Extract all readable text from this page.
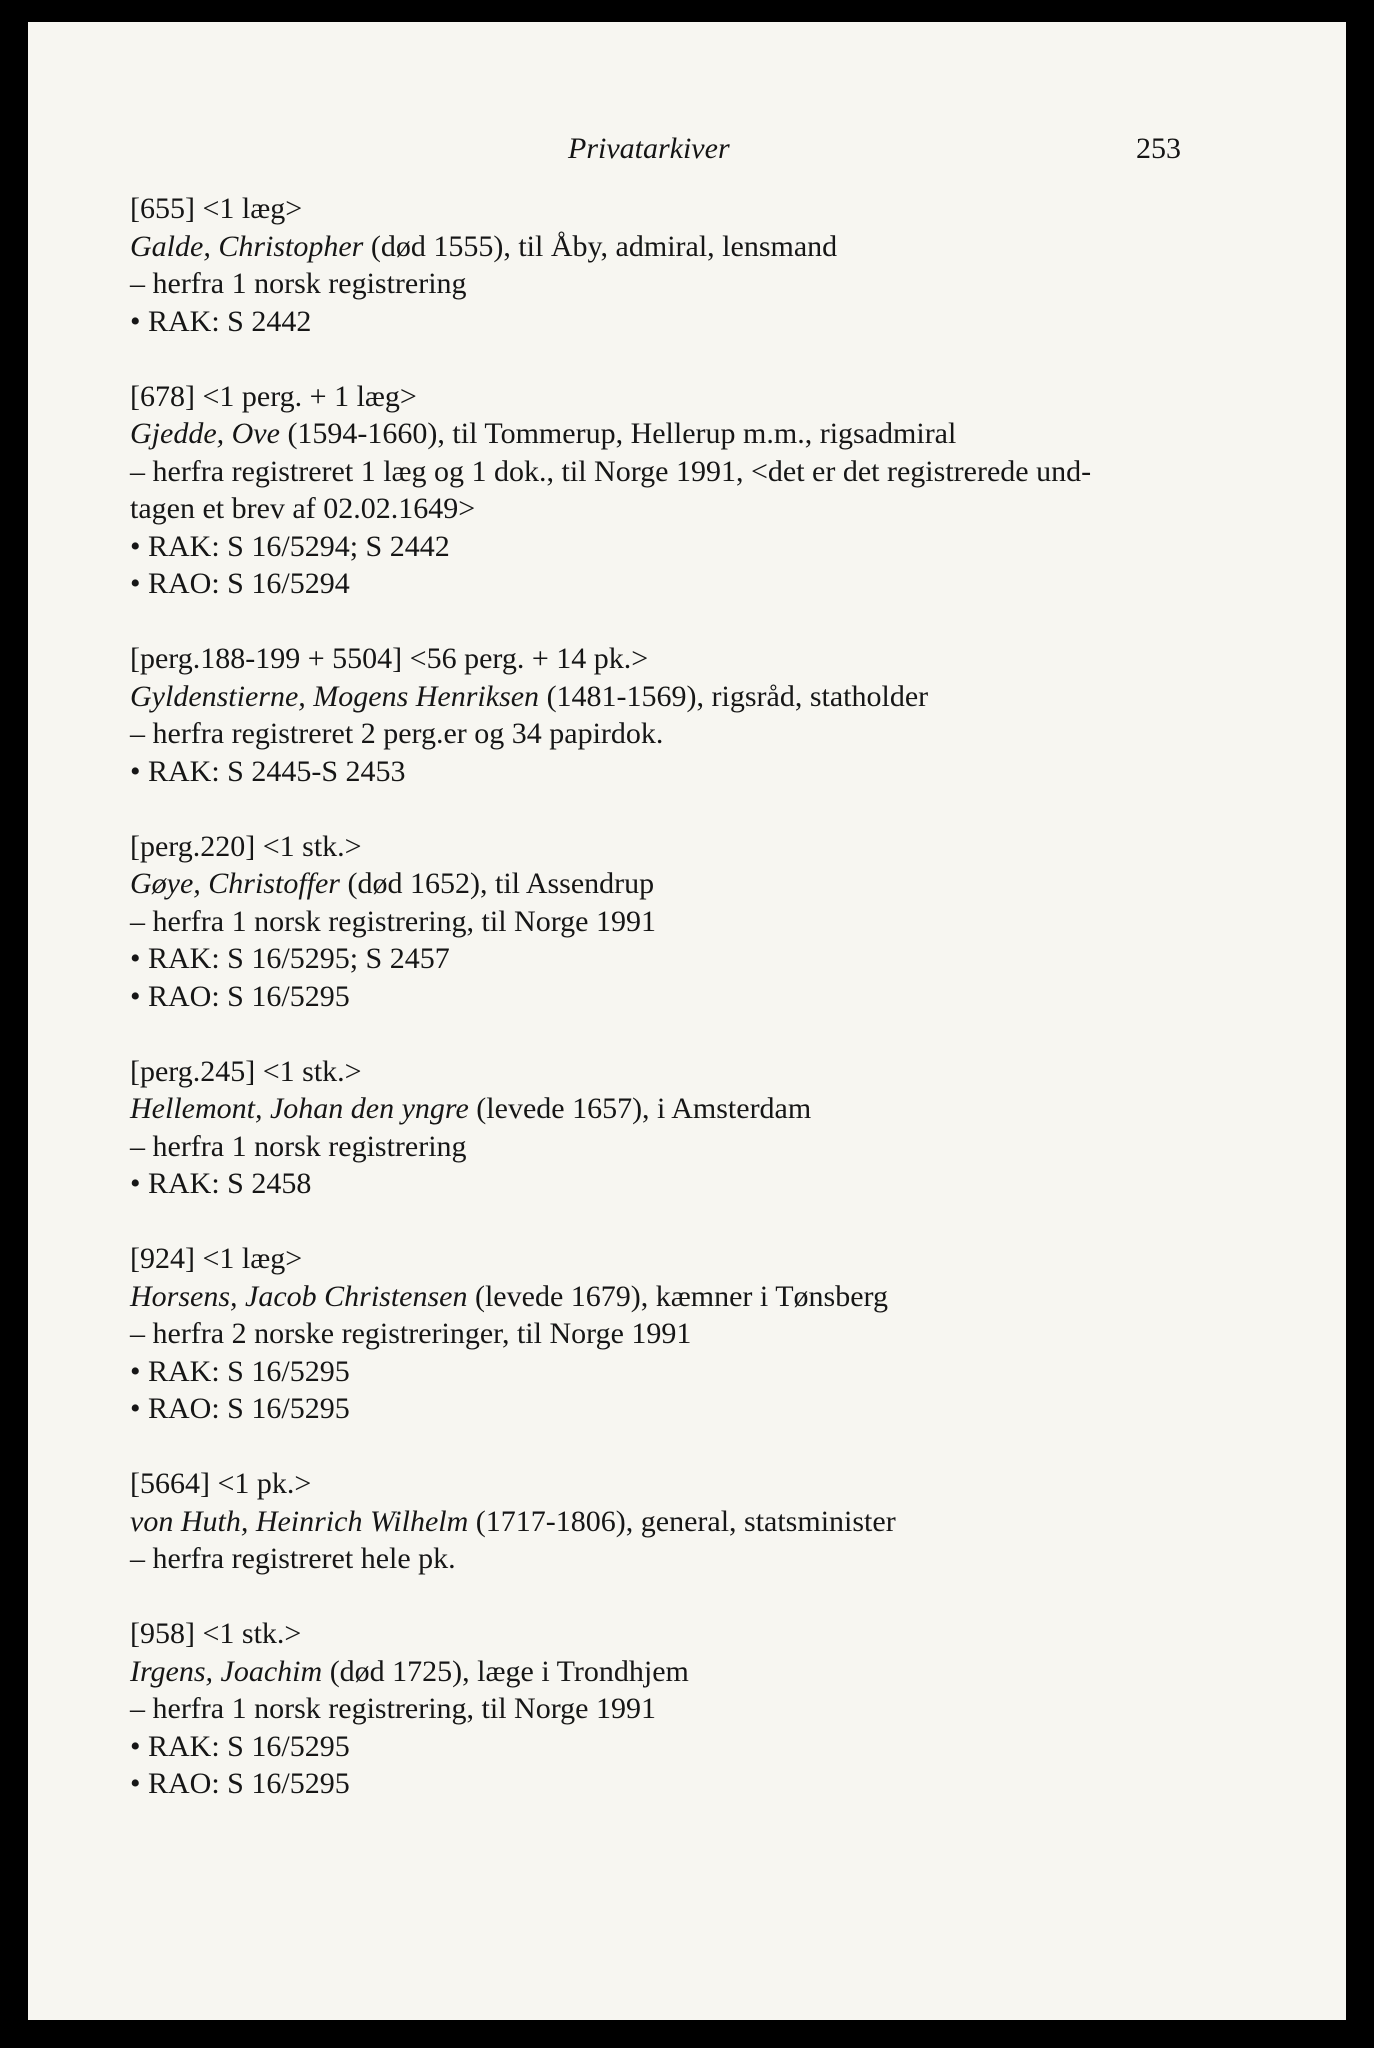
Privatarkiver	253
[655] <1 læg>
Galde, Christopher (død 1555), til Åby, admiral, lensmand
– herfra 1 norsk registrering
• RAK: S 2442
[678] <1 perg. + 1 læg>
Gjedde, Ove (1594-1660), til Tommerup, Hellerup m.m., rigsadmiral
– herfra registreret 1 læg og 1 dok., til Norge 1991, <det er det registrerede und-
tagen et brev af 02.02.1649>
• RAK: S 16/5294; S 2442
• RAO: S 16/5294
[perg.188-199 + 5504] <56 perg. + 14 pk.>
Gyldenstierne, Mogens Henriksen (1481-1569), rigsråd, statholder
– herfra registreret 2 perg.er og 34 papirdok.
• RAK: S 2445-S 2453
[perg.220] <1 stk.>
Gøye, Christoffer (død 1652), til Assendrup
– herfra 1 norsk registrering, til Norge 1991
• RAK: S 16/5295; S 2457
• RAO: S 16/5295
[perg.245] <1 stk.>
Hellemont, Johan den yngre (levede 1657), i Amsterdam
– herfra 1 norsk registrering
• RAK: S 2458
[924] <1 læg>
Horsens, Jacob Christensen (levede 1679), kæmner i Tønsberg
– herfra 2 norske registreringer, til Norge 1991
• RAK: S 16/5295
• RAO: S 16/5295
[5664] <1 pk.>
von Huth, Heinrich Wilhelm (1717-1806), general, statsminister
– herfra registreret hele pk.
[958] <1 stk.>
Irgens, Joachim (død 1725), læge i Trondhjem
– herfra 1 norsk registrering, til Norge 1991
• RAK: S 16/5295
• RAO: S 16/5295
